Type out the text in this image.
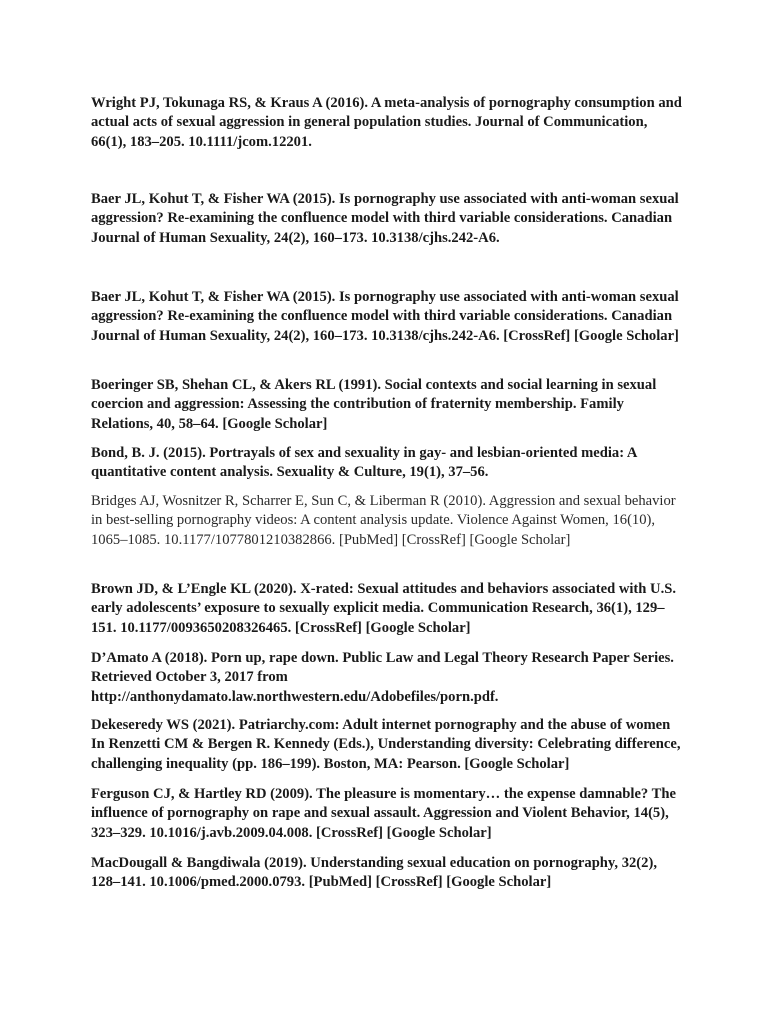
Wright PJ, Tokunaga RS, & Kraus A (2016). A meta-analysis of pornography consumption and actual acts of sexual aggression in general population studies. Journal of Communication, 66(1), 183–205. 10.1111/jcom.12201.

Baer JL, Kohut T, & Fisher WA (2015). Is pornography use associated with anti-woman sexual aggression? Re-examining the confluence model with third variable considerations. Canadian Journal of Human Sexuality, 24(2), 160–173. 10.3138/cjhs.242-A6.

Baer JL, Kohut T, & Fisher WA (2015). Is pornography use associated with anti-woman sexual aggression? Re-examining the confluence model with third variable considerations. Canadian Journal of Human Sexuality, 24(2), 160–173. 10.3138/cjhs.242-A6. [CrossRef] [Google Scholar]

Boeringer SB, Shehan CL, & Akers RL (1991). Social contexts and social learning in sexual coercion and aggression: Assessing the contribution of fraternity membership. Family Relations, 40, 58–64. [Google Scholar]

Bond, B. J. (2015). Portrayals of sex and sexuality in gay- and lesbian-oriented media: A quantitative content analysis. Sexuality & Culture, 19(1), 37–56.

Bridges AJ, Wosnitzer R, Scharrer E, Sun C, & Liberman R (2010). Aggression and sexual behavior in best-selling pornography videos: A content analysis update. Violence Against Women, 16(10), 1065–1085. 10.1177/1077801210382866. [PubMed] [CrossRef] [Google Scholar]

Brown JD, & L’Engle KL (2020). X-rated: Sexual attitudes and behaviors associated with U.S. early adolescents’ exposure to sexually explicit media. Communication Research, 36(1), 129–151. 10.1177/0093650208326465. [CrossRef] [Google Scholar]

D’Amato A (2018). Porn up, rape down. Public Law and Legal Theory Research Paper Series. Retrieved October 3, 2017 from http://anthonydamato.law.northwestern.edu/Adobefiles/porn.pdf.

Dekeseredy WS (2021). Patriarchy.com: Adult internet pornography and the abuse of women In Renzetti CM & Bergen R. Kennedy (Eds.), Understanding diversity: Celebrating difference, challenging inequality (pp. 186–199). Boston, MA: Pearson. [Google Scholar]

Ferguson CJ, & Hartley RD (2009). The pleasure is momentary… the expense damnable? The influence of pornography on rape and sexual assault. Aggression and Violent Behavior, 14(5), 323–329. 10.1016/j.avb.2009.04.008. [CrossRef] [Google Scholar]

MacDougall & Bangdiwala (2019). Understanding sexual education on pornography, 32(2), 128–141. 10.1006/pmed.2000.0793. [PubMed] [CrossRef] [Google Scholar]
